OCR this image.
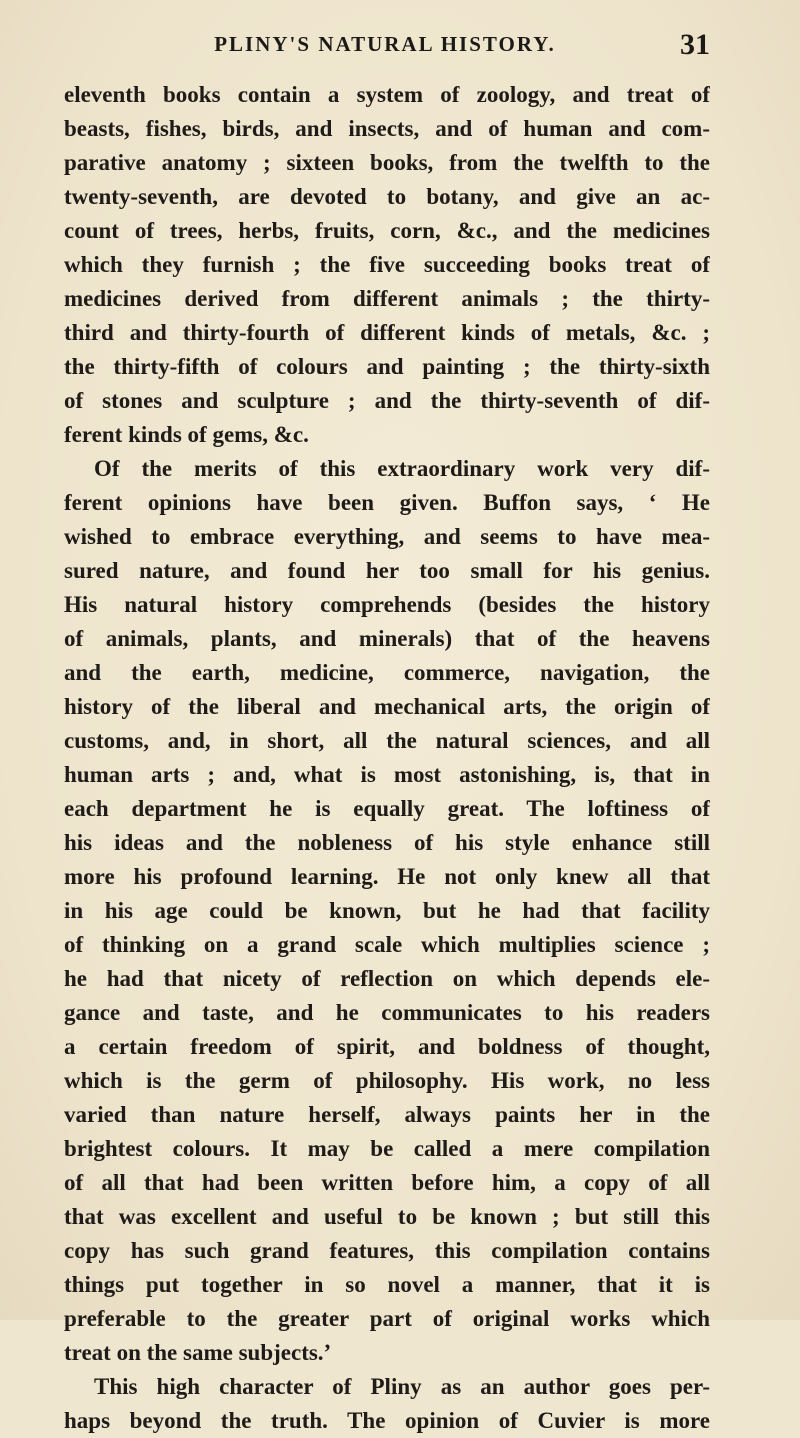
PLINY'S NATURAL HISTORY.	31
eleventh books contain a system of zoology, and treat of
beasts, fishes, birds, and insects, and of human and com-
parative anatomy ; sixteen books, from the twelfth to the
twenty-seventh, are devoted to botany, and give an ac-
count of trees, herbs, fruits, corn, &c., and the medicines
which they furnish ; the five succeeding books treat of
medicines derived from different animals ; the thirty-
third and thirty-fourth of different kinds of metals, &c. ;
the thirty-fifth of colours and painting ; the thirty-sixth
of stones and sculpture ; and the thirty-seventh of dif-
ferent kinds of gems, &c.
Of the merits of this extraordinary work very dif-
ferent opinions have been given. Buffon says, ‘ He
wished to embrace everything, and seems to have mea-
sured nature, and found her too small for his genius.
His natural history comprehends (besides the history
of animals, plants, and minerals) that of the heavens
and the earth, medicine, commerce, navigation, the
history of the liberal and mechanical arts, the origin of
customs, and, in short, all the natural sciences, and all
human arts ; and, what is most astonishing, is, that in
each department he is equally great. The loftiness of
his ideas and the nobleness of his style enhance still
more his profound learning. He not only knew all that
in his age could be known, but he had that facility
of thinking on a grand scale which multiplies science ;
he had that nicety of reflection on which depends ele-
gance and taste, and he communicates to his readers
a certain freedom of spirit, and boldness of thought,
which is the germ of philosophy. His work, no less
varied than nature herself, always paints her in the
brightest colours. It may be called a mere compilation
of all that had been written before him, a copy of all
that was excellent and useful to be known ; but still this
copy has such grand features, this compilation contains
things put together in so novel a manner, that it is
preferable to the greater part of original works which
treat on the same subjects.’
This high character of Pliny as an author goes per-
haps beyond the truth. The opinion of Cuvier is more
